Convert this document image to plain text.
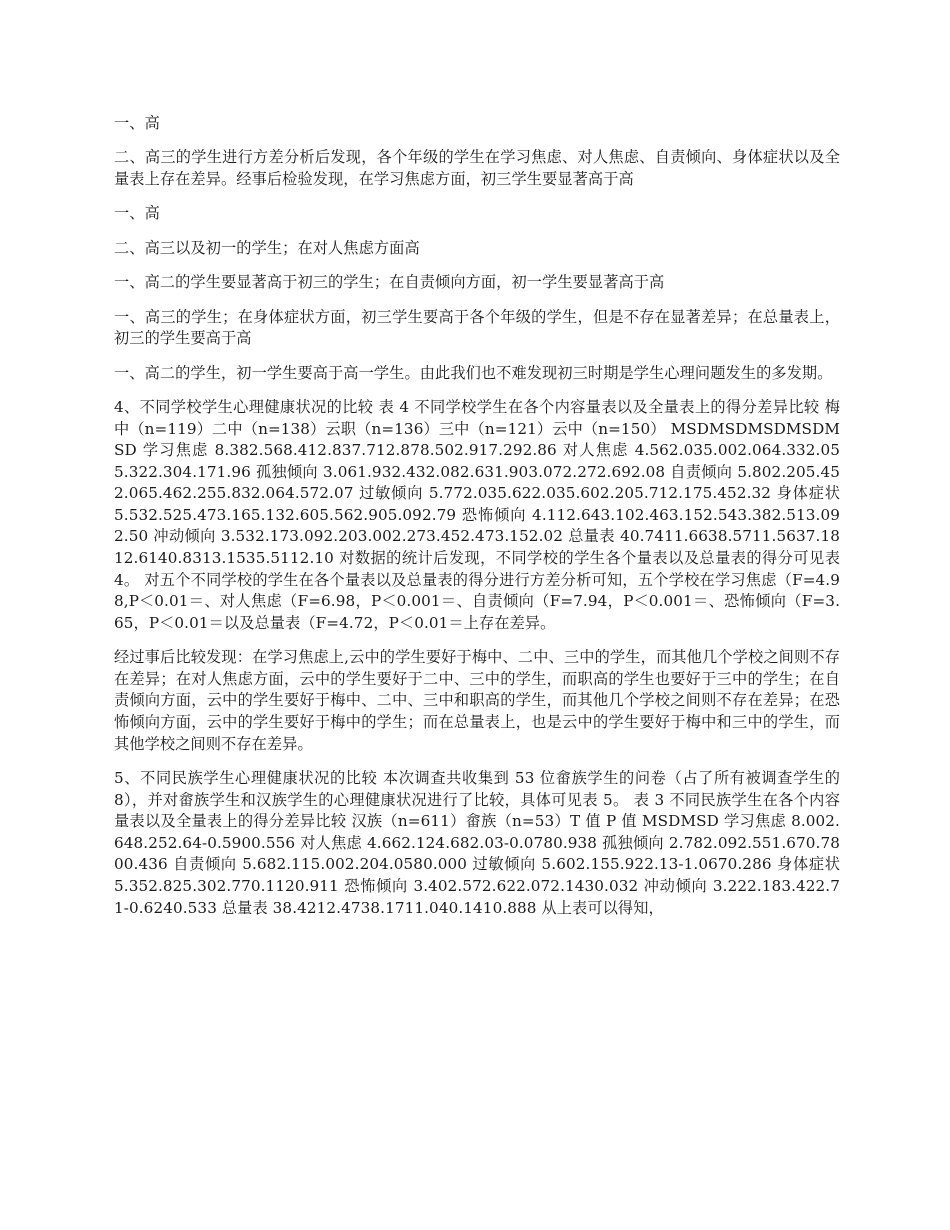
一、高

二、高三的学生进行方差分析后发现，各个年级的学生在学习焦虑、对人焦虑、自责倾向、身体症状以及全量表上存在差异。经事后检验发现，在学习焦虑方面，初三学生要显著高于高

一、高

二、高三以及初一的学生；在对人焦虑方面高

一、高二的学生要显著高于初三的学生；在自责倾向方面，初一学生要显著高于高

一、高三的学生；在身体症状方面，初三学生要高于各个年级的学生，但是不存在显著差异；在总量表上，初三的学生要高于高

一、高二的学生，初一学生要高于高一学生。由此我们也不难发现初三时期是学生心理问题发生的多发期。

4、不同学校学生心理健康状况的比较 表 4 不同学校学生在各个内容量表以及全量表上的得分差异比较 梅中（n=119）二中（n=138）云职（n=136）三中（n=121）云中（n=150） MSDMSDMSDMSDMSD 学习焦虑 8.382.568.412.837.712.878.502.917.292.86 对人焦虑 4.562.035.002.064.332.055.322.304.171.96 孤独倾向 3.061.932.432.082.631.903.072.272.692.08 自责倾向 5.802.205.452.065.462.255.832.064.572.07 过敏倾向 5.772.035.622.035.602.205.712.175.452.32 身体症状 5.532.525.473.165.132.605.562.905.092.79 恐怖倾向 4.112.643.102.463.152.543.382.513.092.50 冲动倾向 3.532.173.092.203.002.273.452.473.152.02 总量表 40.7411.6638.5711.5637.1812.6140.8313.1535.5112.10 对数据的统计后发现，不同学校的学生各个量表以及总量表的得分可见表 4。 对五个不同学校的学生在各个量表以及总量表的得分进行方差分析可知，五个学校在学习焦虑（F=4.98,P＜0.01＝、对人焦虑（F=6.98，P＜0.001＝、自责倾向（F=7.94，P＜0.001＝、恐怖倾向（F=3.65，P＜0.01＝以及总量表（F=4.72，P＜0.01＝上存在差异。

经过事后比较发现：在学习焦虑上,云中的学生要好于梅中、二中、三中的学生，而其他几个学校之间则不存在差异；在对人焦虑方面，云中的学生要好于二中、三中的学生，而职高的学生也要好于三中的学生；在自责倾向方面，云中的学生要好于梅中、二中、三中和职高的学生，而其他几个学校之间则不存在差异；在恐怖倾向方面，云中的学生要好于梅中的学生；而在总量表上，也是云中的学生要好于梅中和三中的学生，而其他学校之间则不存在差异。

5、不同民族学生心理健康状况的比较 本次调查共收集到 53 位畲族学生的问卷（占了所有被调查学生的 8），并对畲族学生和汉族学生的心理健康状况进行了比较，具体可见表 5。 表 3 不同民族学生在各个内容量表以及全量表上的得分差异比较 汉族（n=611）畲族（n=53）T 值 P 值 MSDMSD 学习焦虑 8.002.648.252.64-0.5900.556 对人焦虑 4.662.124.682.03-0.0780.938 孤独倾向 2.782.092.551.670.7800.436 自责倾向 5.682.115.002.204.0580.000 过敏倾向 5.602.155.922.13-1.0670.286 身体症状 5.352.825.302.770.1120.911 恐怖倾向 3.402.572.622.072.1430.032 冲动倾向 3.222.183.422.71-0.6240.533 总量表 38.4212.4738.1711.040.1410.888 从上表可以得知，
